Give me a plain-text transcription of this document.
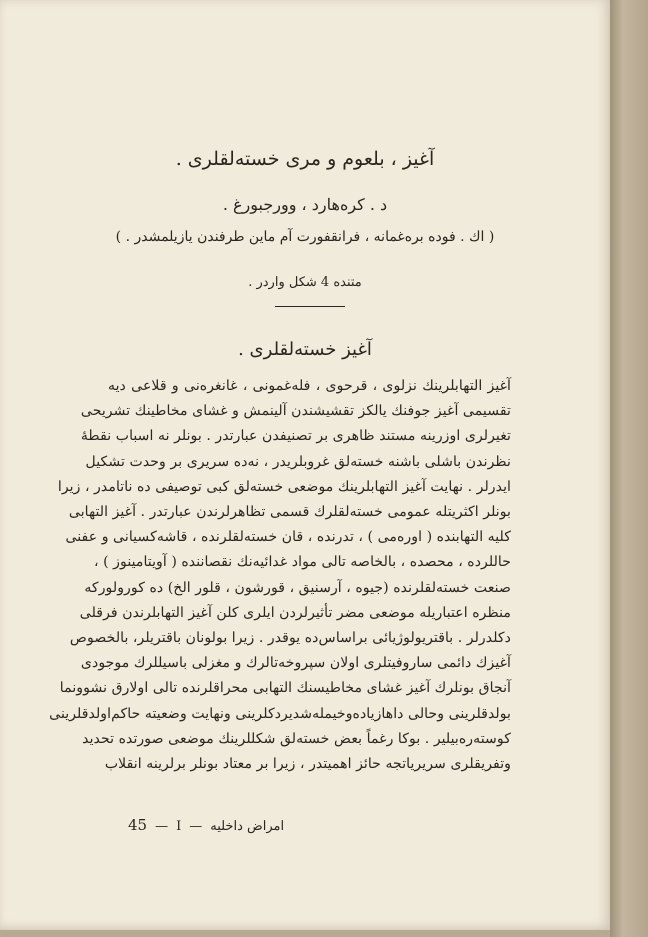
آغيز ، بلعوم و مرى خسته‌لقلرى .
د . كره‌هارد ، وورجبورغ .
( اك . فوده بره‌غمانه ، فرانقفورت آم ماين طرفندن يازيلمشدر . )
متنده 4 شكل واردر .
آغيز خسته‌لقلرى .
آغيز التهابلرينك نزلوى ، قرحوى ، فله‌غمونى ، غانغره‌نى و قلاعى ديه
تقسيمى آغيز جوفنك يالكز تقشيشندن آلينمش و غشاى مخاطينك تشريحى
تغيرلرى اوزرينه مستند ظاهرى بر تصنيفدن عبارتدر . بونلر نه اسباب نقطهٔ
نظرندن باشلى باشنه خسته‌لق غروبلريدر ، نه‌ده سريرى بر وحدت تشكيل
ايدرلر . نهايت آغيز التهابلرينك موضعى خسته‌لق كبى توصيفى ده ناتامدر ، زيرا
بونلر اكثريتله عمومى خسته‌لقلرك قسمى تظاهرلرندن عبارتدر . آغيز التهابى
كليه التهابنده ( اوره‌مى ) ، تدرنده ، قان خسته‌لقلرنده ، قاشه‌كسيانى و عفنى
حاللرده ، محصده ، بالخاصه تالى مواد غدائيه‌نك نقصاننده ( آويتامينوز ) ،
صنعت خسته‌لقلرنده (جيوه ، آرسنيق ، قورشون ، قلور الخ) ده كورولوركه
منظره اعتباريله موضعى مضر تأثيرلردن ايلرى كلن آغيز التهابلرندن فرقلى
دكلدرلر . باقتريولوژيائى براساس‌ده يوقدر . زيرا بولونان باقتريلر، بالخصوص
آغيزك دائمى ساروفيتلرى اولان سپروخه‌تالرك و مغزلى باسيللرك موجودى
آنجاق بونلرك آغيز غشاى مخاطيسنك التهابى محراقلرنده تالى اولارق نشوونما
بولدقلرينى وحالى داهازياده‌وخيمله‌شديردكلرينى ونهايت وضعيته حاكم‌اولدقلرينى
كوسته‌ره‌بيلير . بوكا رغماً بعض خسته‌لق شكللرينك موضعى صورتده تحديد
وتفريقلرى سريرياتجه حائز اهميتدر ، زيرا بر معتاد بونلر برلرينه انقلاب
45 — I — امراض داخليه
